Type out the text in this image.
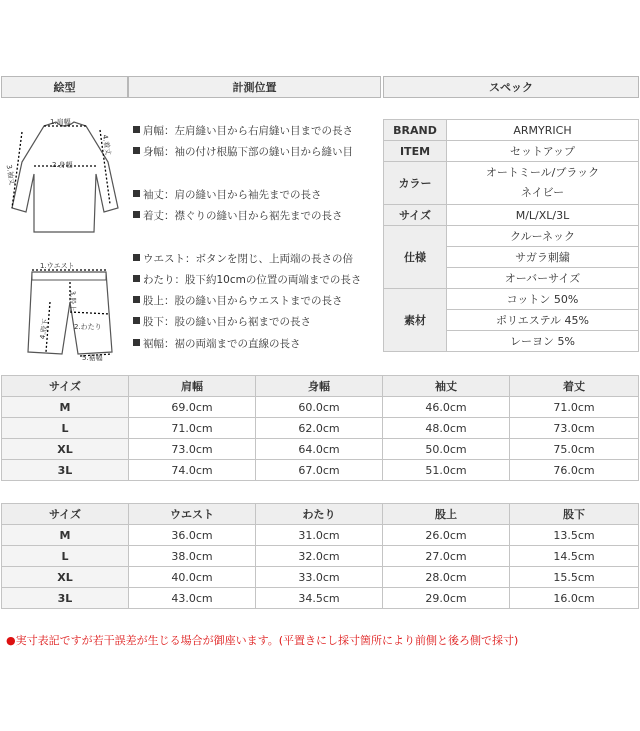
絵型	計測位置	スペック
1.肩幅
2.身幅
3.袖丈
4.着丈
1.ウエスト
2.わたり
3.股上
4.股下
5.裾幅
肩幅：左肩縫い目から右肩縫い目までの長さ
身幅：袖の付け根脇下部の縫い目から縫い目
袖丈：肩の縫い目から袖先までの長さ
着丈：襟ぐりの縫い目から裾先までの長さ
ウエスト：ボタンを閉じ、上両端の長さの倍
わたり：股下約10cmの位置の両端までの長さ
股上：股の縫い目からウエストまでの長さ
股下：股の縫い目から裾までの長さ
裾幅：裾の両端までの直線の長さ
BRAND	ARMYRICH
ITEM	セットアップ
カラー	オートミール/ブラック
ネイビー
サイズ	M/L/XL/3L
仕様	クルーネック
	サガラ刺繍
	オーバーサイズ
素材	コットン 50%
	ポリエステル 45%
	レーヨン 5%
サイズ	肩幅	身幅	袖丈	着丈
M	69.0cm	60.0cm	46.0cm	71.0cm
L	71.0cm	62.0cm	48.0cm	73.0cm
XL	73.0cm	64.0cm	50.0cm	75.0cm
3L	74.0cm	67.0cm	51.0cm	76.0cm
サイズ	ウエスト	わたり	股上	股下
M	36.0cm	31.0cm	26.0cm	13.5cm
L	38.0cm	32.0cm	27.0cm	14.5cm
XL	40.0cm	33.0cm	28.0cm	15.5cm
3L	43.0cm	34.5cm	29.0cm	16.0cm
●実寸表記ですが若干誤差が生じる場合が御座います。(平置きにし採寸箇所により前側と後ろ側で採寸)
